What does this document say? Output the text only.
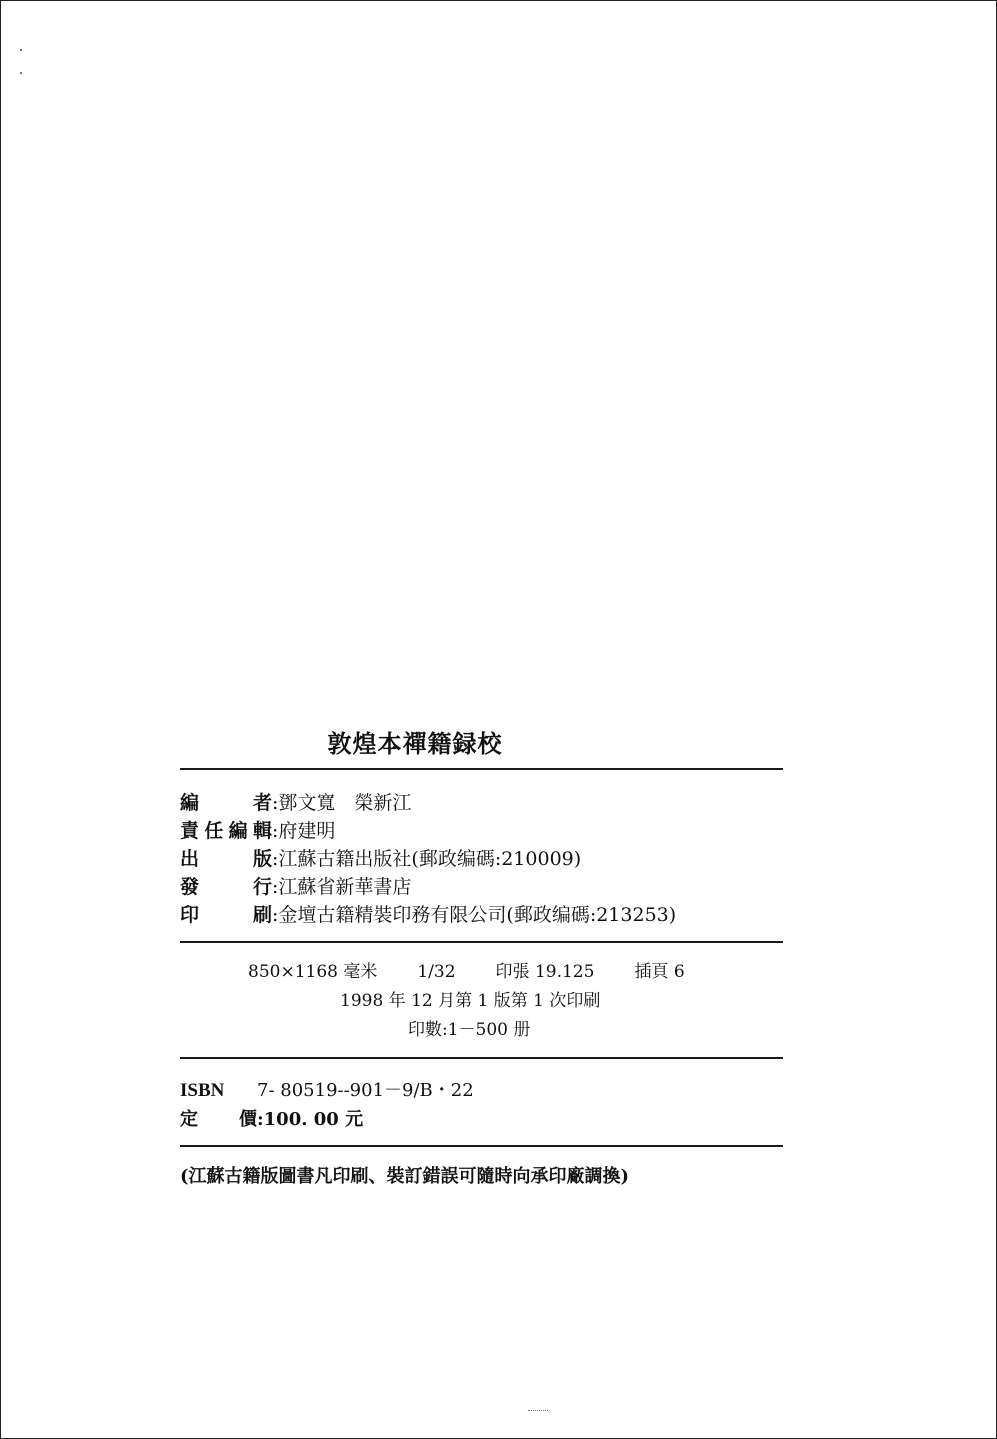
敦煌本禪籍録校
編者:鄧文寬　榮新江
責任編輯:府建明
出版:江蘇古籍出版社(郵政编碼:210009)
發行:江蘇省新華書店
印刷:金壇古籍精裝印務有限公司(郵政编碼:213253)
850×1168 毫米 1/32 印張 19.125 插頁 6
1998 年 12 月第 1 版第 1 次印刷
印數:1－500 册
ISBN 7- 80519--901－9/B・22
定價:100. 00 元
(江蘇古籍版圖書凡印刷、裝訂錯誤可隨時向承印廠調換)
